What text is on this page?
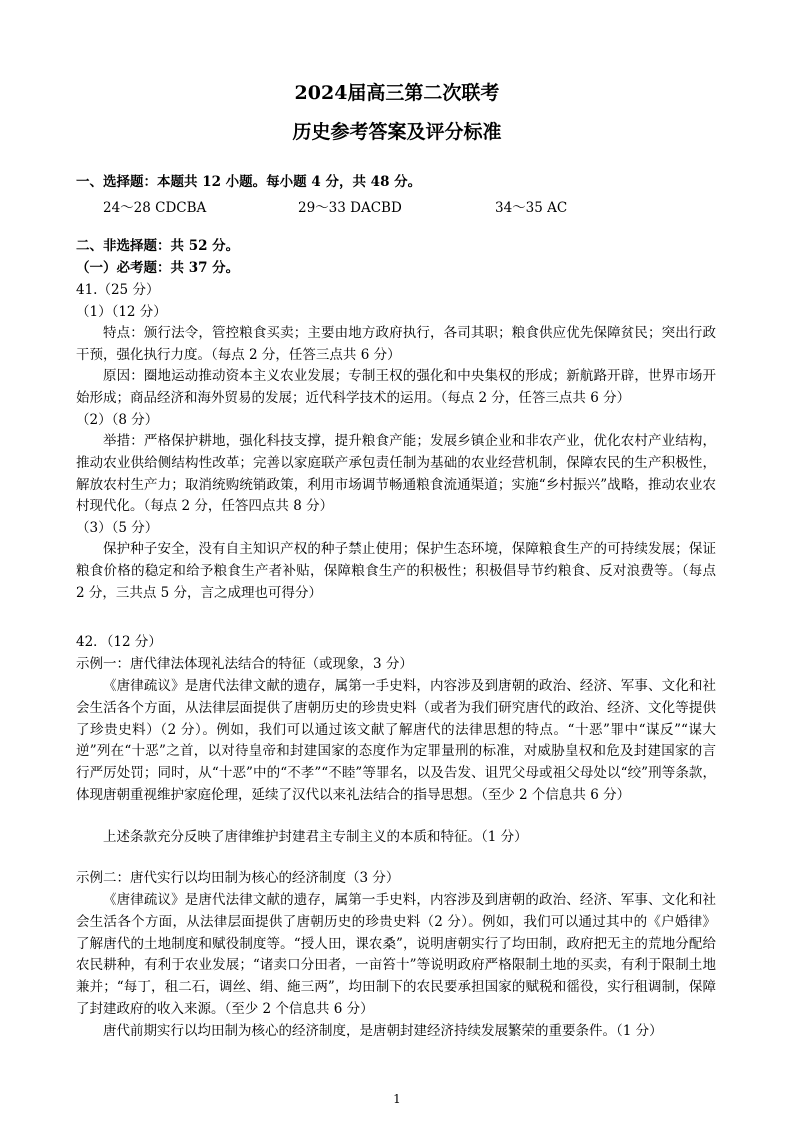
2024届高三第二次联考
历史参考答案及评分标准
一、选择题：本题共 12 小题。每小题 4 分，共 48 分。
24～28 CDCBA	29～33 DACBD	34～35 AC
二、非选择题：共 52 分。
（一）必考题：共 37 分。
41.（25 分）
（1）（12 分）
特点：颁行法令，管控粮食买卖；主要由地方政府执行，各司其职；粮食供应优先保障贫民；突出行政干预，强化执行力度。（每点 2 分，任答三点共 6 分）
原因：圈地运动推动资本主义农业发展；专制王权的强化和中央集权的形成；新航路开辟，世界市场开始形成；商品经济和海外贸易的发展；近代科学技术的运用。（每点 2 分，任答三点共 6 分）
（2）（8 分）
举措：严格保护耕地，强化科技支撑，提升粮食产能；发展乡镇企业和非农产业，优化农村产业结构，推动农业供给侧结构性改革；完善以家庭联产承包责任制为基础的农业经营机制，保障农民的生产积极性，解放农村生产力；取消统购统销政策，利用市场调节畅通粮食流通渠道；实施“乡村振兴”战略，推动农业农村现代化。（每点 2 分，任答四点共 8 分）
（3）（5 分）
保护种子安全，没有自主知识产权的种子禁止使用；保护生态环境，保障粮食生产的可持续发展；保证粮食价格的稳定和给予粮食生产者补贴，保障粮食生产的积极性；积极倡导节约粮食、反对浪费等。（每点 2 分，三共点 5 分，言之成理也可得分）
42．（12 分）
示例一：唐代律法体现礼法结合的特征（或现象，3 分）
《唐律疏议》是唐代法律文献的遗存，属第一手史料，内容涉及到唐朝的政治、经济、军事、文化和社会生活各个方面，从法律层面提供了唐朝历史的珍贵史料（或者为我们研究唐代的政治、经济、文化等提供了珍贵史料）（2 分）。例如，我们可以通过该文献了解唐代的法律思想的特点。“十恶”罪中“谋反”“谋大逆”列在“十恶”之首，以对待皇帝和封建国家的态度作为定罪量刑的标准，对威胁皇权和危及封建国家的言行严厉处罚；同时，从“十恶”中的“不孝”“不睦”等罪名，以及告发、诅咒父母或祖父母处以“绞”刑等条款，体现唐朝重视维护家庭伦理，延续了汉代以来礼法结合的指导思想。（至少 2 个信息共 6 分）
上述条款充分反映了唐律维护封建君主专制主义的本质和特征。（1 分）
示例二：唐代实行以均田制为核心的经济制度（3 分）
《唐律疏议》是唐代法律文献的遗存，属第一手史料，内容涉及到唐朝的政治、经济、军事、文化和社会生活各个方面，从法律层面提供了唐朝历史的珍贵史料（2 分）。例如，我们可以通过其中的《户婚律》了解唐代的土地制度和赋役制度等。“授人田，课农桑”，说明唐朝实行了均田制，政府把无主的荒地分配给农民耕种，有利于农业发展；“诸卖口分田者，一亩笞十”等说明政府严格限制土地的买卖，有利于限制土地兼并；“每丁，租二石，调丝、绢、絁三两”，均田制下的农民要承担国家的赋税和徭役，实行租调制，保障了封建政府的收入来源。（至少 2 个信息共 6 分）
唐代前期实行以均田制为核心的经济制度，是唐朝封建经济持续发展繁荣的重要条件。（1 分）
1
